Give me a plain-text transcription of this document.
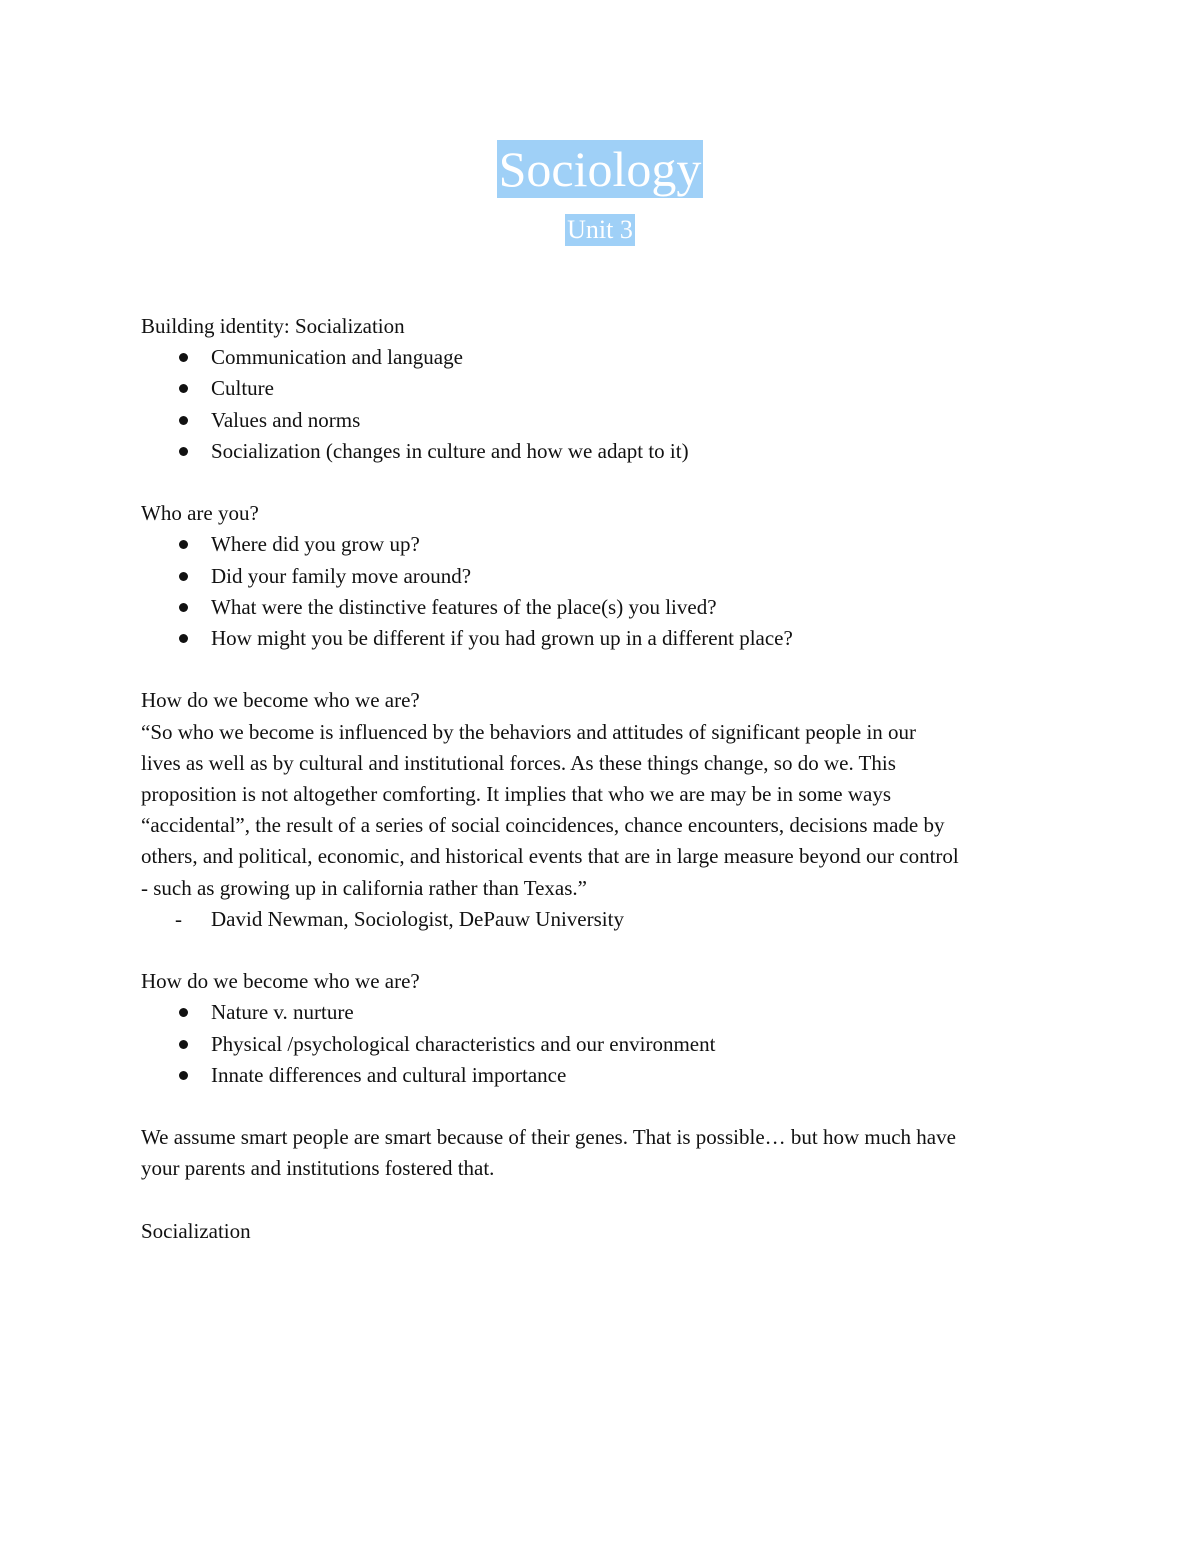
Sociology
Unit 3

Building identity: Socialization

Communication and language
Culture
Values and norms
Socialization (changes in culture and how we adapt to it)

Who are you?

Where did you grow up?
Did your family move around?
What were the distinctive features of the place(s) you lived?
How might you be different if you had grown up in a different place?

How do we become who we are?

“So who we become is influenced by the behaviors and attitudes of significant people in our
lives as well as by cultural and institutional forces. As these things change, so do we. This
proposition is not altogether comforting. It implies that who we are may be in some ways
“accidental”, the result of a series of social coincidences, chance encounters, decisions made by
others, and political, economic, and historical events that are in large measure beyond our control
- such as growing up in california rather than Texas.”
- David Newman, Sociologist, DePauw University

How do we become who we are?

Nature v. nurture
Physical /psychological characteristics and our environment
Innate differences and cultural importance
We assume smart people are smart because of their genes. That is possible… but how much have
your parents and institutions fostered that.

Socialization
